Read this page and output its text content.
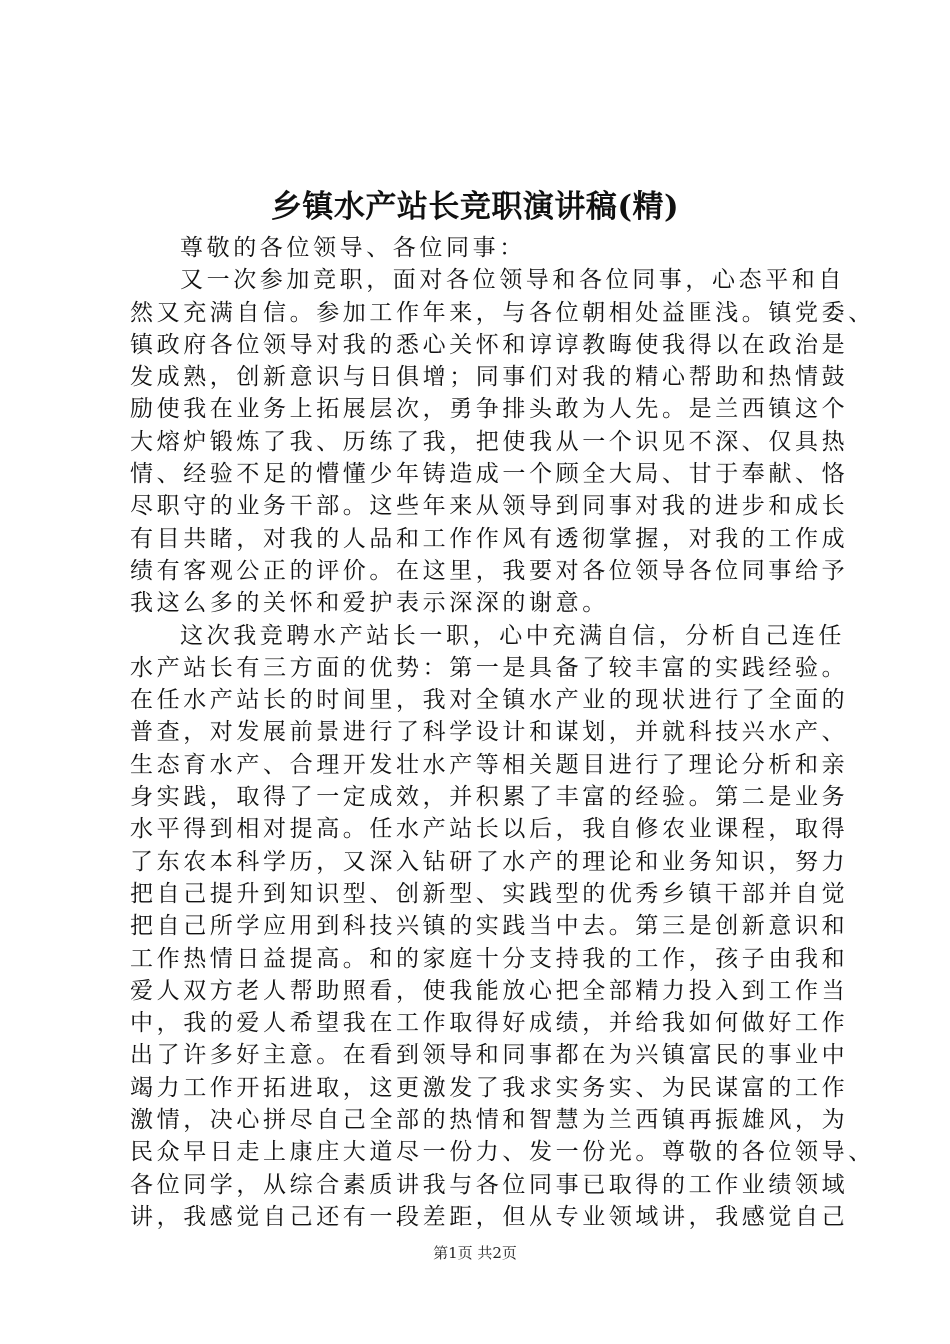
乡镇水产站长竞职演讲稿(精)
尊敬的各位领导、各位同事：
又一次参加竞职，面对各位领导和各位同事，心态平和自
然又充满自信。参加工作年来，与各位朝相处益匪浅。镇党委、
镇政府各位领导对我的悉心关怀和谆谆教晦使我得以在政治是
发成熟，创新意识与日俱增；同事们对我的精心帮助和热情鼓
励使我在业务上拓展层次，勇争排头敢为人先。是兰西镇这个
大熔炉锻炼了我、历练了我，把使我从一个识见不深、仅具热
情、经验不足的懵懂少年铸造成一个顾全大局、甘于奉献、恪
尽职守的业务干部。这些年来从领导到同事对我的进步和成长
有目共睹，对我的人品和工作作风有透彻掌握，对我的工作成
绩有客观公正的评价。在这里，我要对各位领导各位同事给予
我这么多的关怀和爱护表示深深的谢意。
这次我竞聘水产站长一职，心中充满自信，分析自己连任
水产站长有三方面的优势：第一是具备了较丰富的实践经验。
在任水产站长的时间里，我对全镇水产业的现状进行了全面的
普查，对发展前景进行了科学设计和谋划，并就科技兴水产、
生态育水产、合理开发壮水产等相关题目进行了理论分析和亲
身实践，取得了一定成效，并积累了丰富的经验。第二是业务
水平得到相对提高。任水产站长以后，我自修农业课程，取得
了东农本科学历，又深入钻研了水产的理论和业务知识，努力
把自己提升到知识型、创新型、实践型的优秀乡镇干部并自觉
把自己所学应用到科技兴镇的实践当中去。第三是创新意识和
工作热情日益提高。和的家庭十分支持我的工作，孩子由我和
爱人双方老人帮助照看，使我能放心把全部精力投入到工作当
中，我的爱人希望我在工作取得好成绩，并给我如何做好工作
出了许多好主意。在看到领导和同事都在为兴镇富民的事业中
竭力工作开拓进取，这更激发了我求实务实、为民谋富的工作
激情，决心拼尽自己全部的热情和智慧为兰西镇再振雄风，为
民众早日走上康庄大道尽一份力、发一份光。尊敬的各位领导、
各位同学，从综合素质讲我与各位同事已取得的工作业绩领域
讲，我感觉自己还有一段差距，但从专业领域讲，我感觉自己
第1页 共2页
